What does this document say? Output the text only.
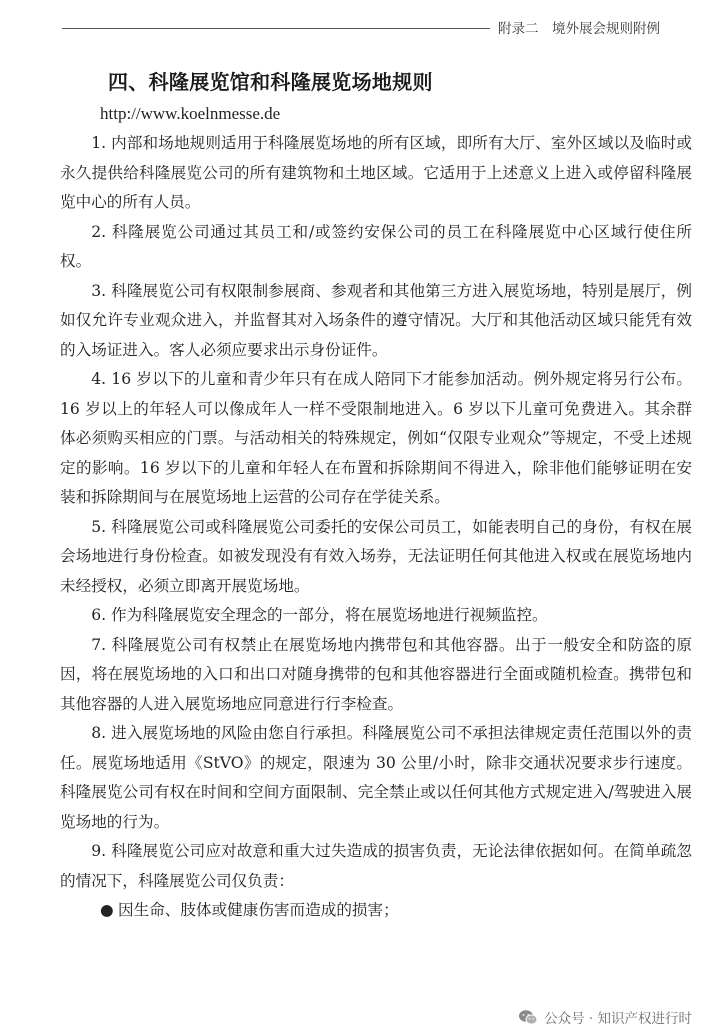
附录二　境外展会规则附例
四、科隆展览馆和科隆展览场地规则
http://www.koelnmesse.de

1. 内部和场地规则适用于科隆展览场地的所有区域，即所有大厅、室外区域以及临时或永久提供给科隆展览公司的所有建筑物和土地区域。它适用于上述意义上进入或停留科隆展览中心的所有人员。

2. 科隆展览公司通过其员工和/或签约安保公司的员工在科隆展览中心区域行使住所权。

3. 科隆展览公司有权限制参展商、参观者和其他第三方进入展览场地，特别是展厅，例如仅允许专业观众进入，并监督其对入场条件的遵守情况。大厅和其他活动区域只能凭有效的入场证进入。客人必须应要求出示身份证件。

4. 16 岁以下的儿童和青少年只有在成人陪同下才能参加活动。例外规定将另行公布。16 岁以上的年轻人可以像成年人一样不受限制地进入。6 岁以下儿童可免费进入。其余群体必须购买相应的门票。与活动相关的特殊规定，例如“仅限专业观众”等规定，不受上述规定的影响。16 岁以下的儿童和年轻人在布置和拆除期间不得进入，除非他们能够证明在安装和拆除期间与在展览场地上运营的公司存在学徒关系。

5. 科隆展览公司或科隆展览公司委托的安保公司员工，如能表明自己的身份，有权在展会场地进行身份检查。如被发现没有有效入场券，无法证明任何其他进入权或在展览场地内未经授权，必须立即离开展览场地。

6. 作为科隆展览安全理念的一部分，将在展览场地进行视频监控。

7. 科隆展览公司有权禁止在展览场地内携带包和其他容器。出于一般安全和防盗的原因，将在展览场地的入口和出口对随身携带的包和其他容器进行全面或随机检查。携带包和其他容器的人进入展览场地应同意进行行李检查。

8. 进入展览场地的风险由您自行承担。科隆展览公司不承担法律规定责任范围以外的责任。展览场地适用《StVO》的规定，限速为 30 公里/小时，除非交通状况要求步行速度。科隆展览公司有权在时间和空间方面限制、完全禁止或以任何其他方式规定进入/驾驶进入展览场地的行为。

9. 科隆展览公司应对故意和重大过失造成的损害负责，无论法律依据如何。在简单疏忽的情况下，科隆展览公司仅负责：

● 因生命、肢体或健康伤害而造成的损害；

公众号 · 知识产权进行时
